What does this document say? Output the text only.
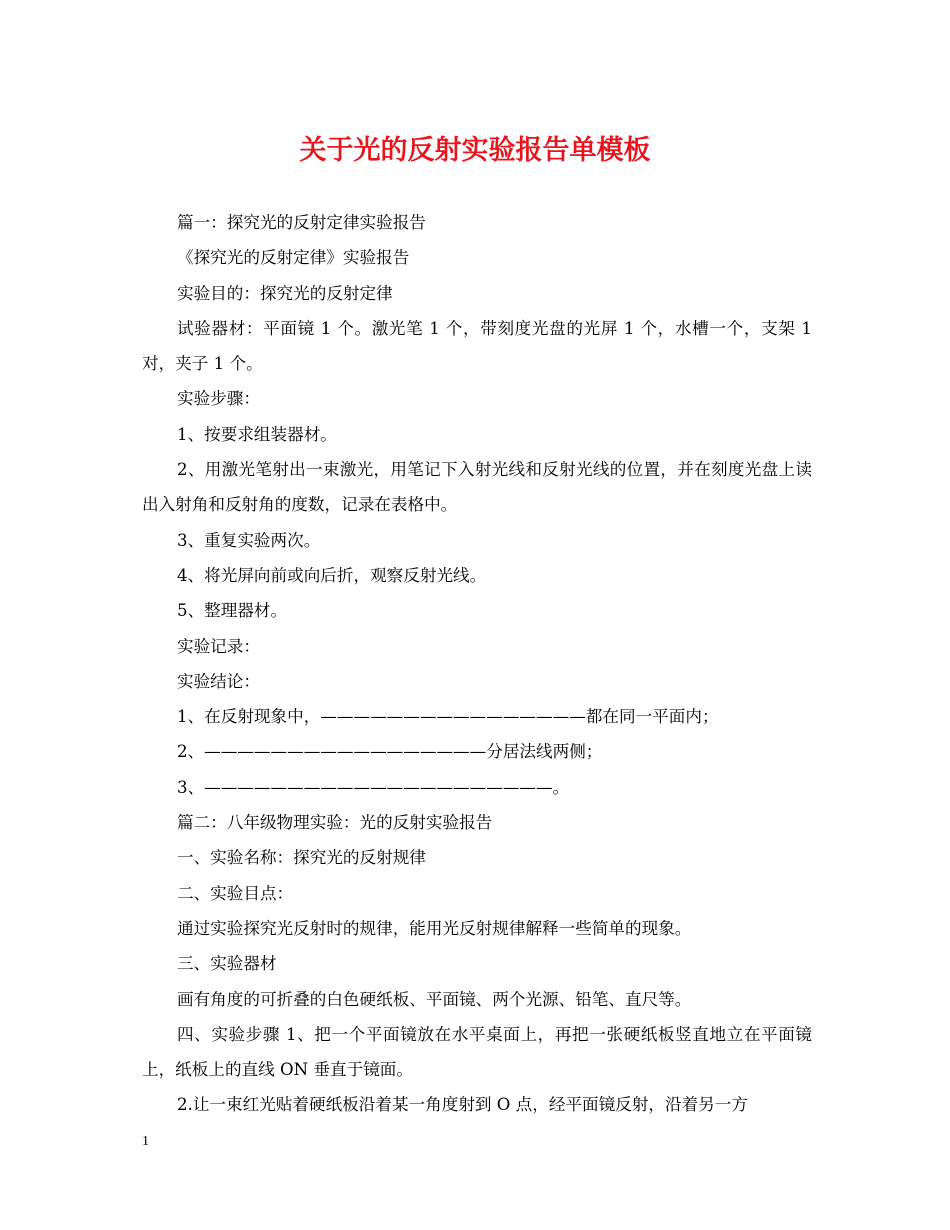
关于光的反射实验报告单模板

篇一：探究光的反射定律实验报告

《探究光的反射定律》实验报告

实验目的：探究光的反射定律

试验器材：平面镜 1 个。激光笔 1 个，带刻度光盘的光屏 1 个，水槽一个，支架 1 对，夹子 1 个。

实验步骤：

1、按要求组装器材。

2、用激光笔射出一束激光，用笔记下入射光线和反射光线的位置，并在刻度光盘上读出入射角和反射角的度数，记录在表格中。

3、重复实验两次。

4、将光屏向前或向后折，观察反射光线。

5、整理器材。

实验记录：

实验结论：

1、在反射现象中，————————————————都在同一平面内；

2、—————————————————分居法线两侧；

3、—————————————————————。

篇二：八年级物理实验：光的反射实验报告

一、实验名称：探究光的反射规律

二、实验目点：

通过实验探究光反射时的规律，能用光反射规律解释一些简单的现象。

三、实验器材

画有角度的可折叠的白色硬纸板、平面镜、两个光源、铅笔、直尺等。

四、实验步骤 1、把一个平面镜放在水平桌面上，再把一张硬纸板竖直地立在平面镜上，纸板上的直线 ON 垂直于镜面。

2.让一束红光贴着硬纸板沿着某一角度射到 O 点，经平面镜反射，沿着另一方

1
